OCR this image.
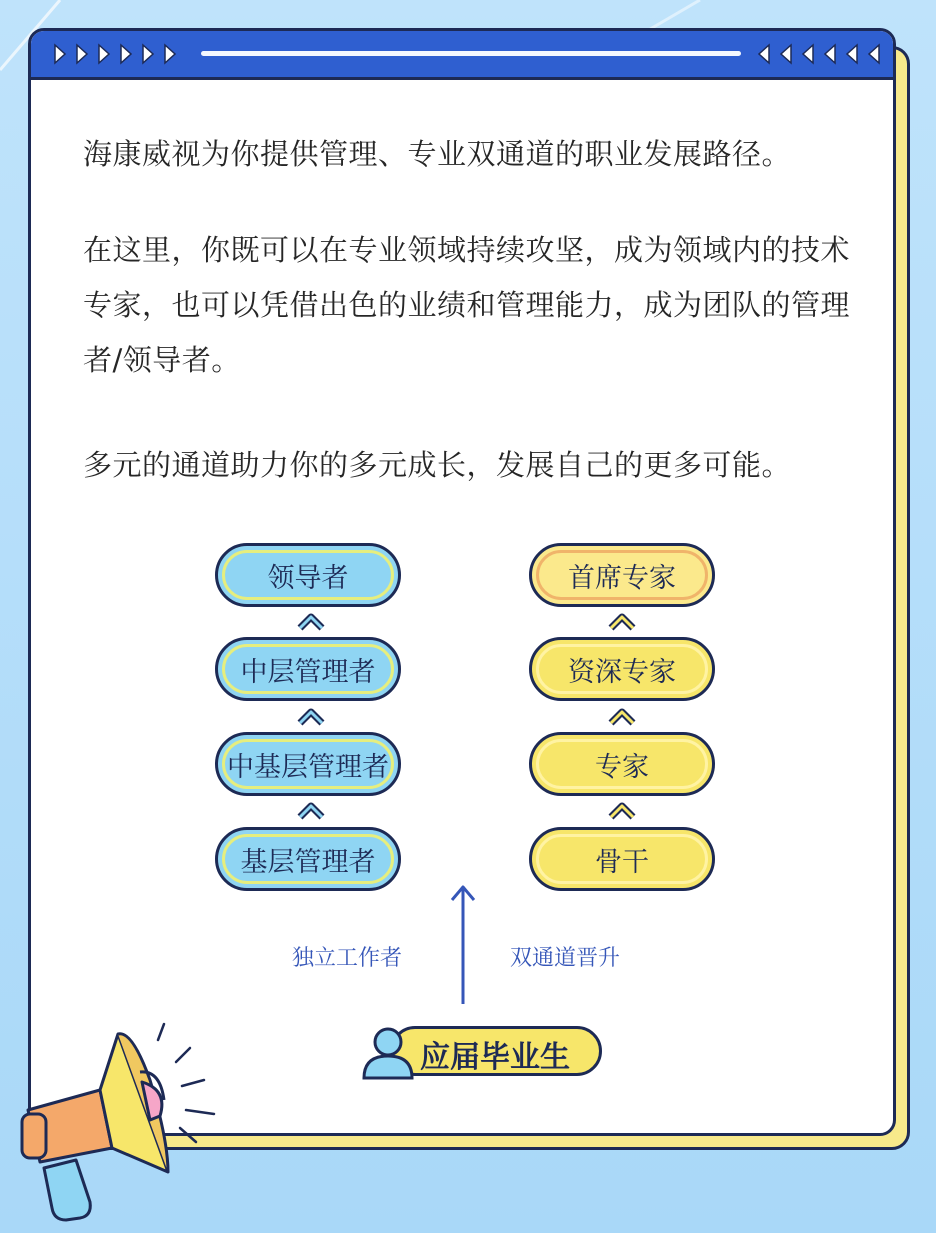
海康威视为你提供管理、专业双通道的职业发展路径。

在这里，你既可以在专业领域持续攻坚，成为领域内的技术专家，也可以凭借出色的业绩和管理能力，成为团队的管理者/领导者。

多元的通道助力你的多元成长，发展自己的更多可能。

领导者
中层管理者
中基层管理者
基层管理者
首席专家
资深专家
专家
骨干
独立工作者	双通道晋升
应届毕业生
